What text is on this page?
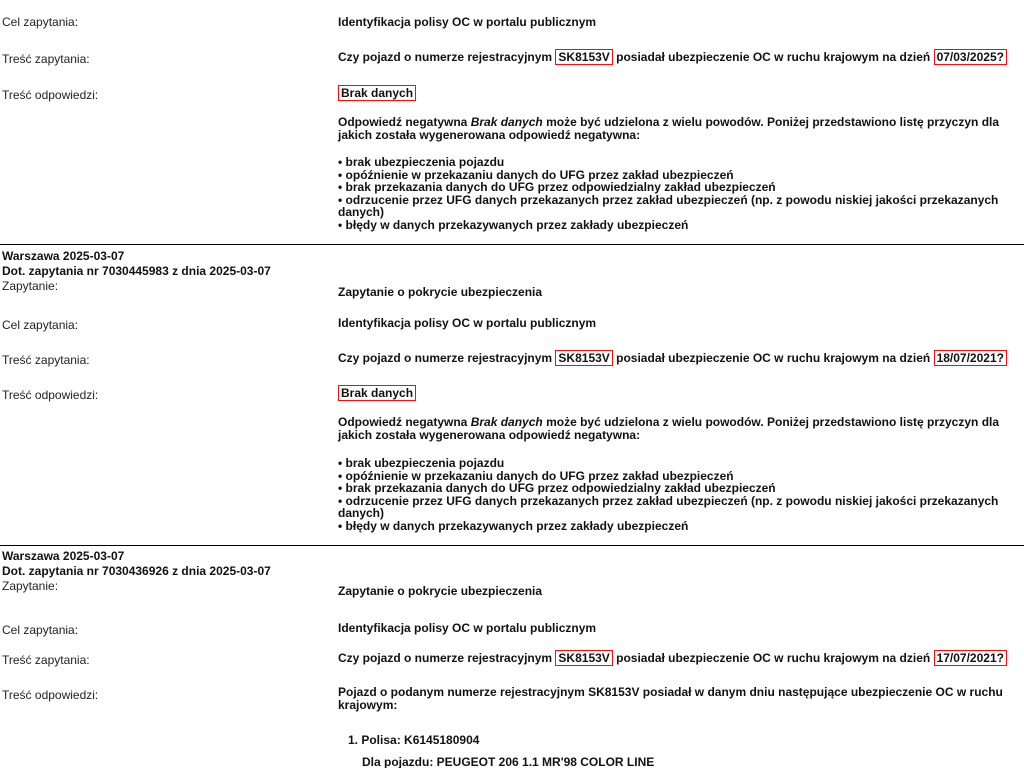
Cel zapytania:	Identyfikacja polisy OC w portalu publicznym
Treść zapytania:	Czy pojazd o numerze rejestracyjnym SK8153V posiadał ubezpieczenie OC w ruchu krajowym na dzień 07/03/2025?
Treść odpowiedzi:	Brak danych
Odpowiedź negatywna Brak danych może być udzielona z wielu powodów. Poniżej przedstawiono listę przyczyn dla
jakich została wygenerowana odpowiedź negatywna:
• brak ubezpieczenia pojazdu
• opóźnienie w przekazaniu danych do UFG przez zakład ubezpieczeń
• brak przekazania danych do UFG przez odpowiedzialny zakład ubezpieczeń
• odrzucenie przez UFG danych przekazanych przez zakład ubezpieczeń (np. z powodu niskiej jakości przekazanych
danych)
• błędy w danych przekazywanych przez zakłady ubezpieczeń
Warszawa 2025-03-07
Dot. zapytania nr 7030445983 z dnia 2025-03-07
Zapytanie:	Zapytanie o pokrycie ubezpieczenia
Cel zapytania:	Identyfikacja polisy OC w portalu publicznym
Treść zapytania:	Czy pojazd o numerze rejestracyjnym SK8153V posiadał ubezpieczenie OC w ruchu krajowym na dzień 18/07/2021?
Treść odpowiedzi:	Brak danych
Odpowiedź negatywna Brak danych może być udzielona z wielu powodów. Poniżej przedstawiono listę przyczyn dla
jakich została wygenerowana odpowiedź negatywna:
• brak ubezpieczenia pojazdu
• opóźnienie w przekazaniu danych do UFG przez zakład ubezpieczeń
• brak przekazania danych do UFG przez odpowiedzialny zakład ubezpieczeń
• odrzucenie przez UFG danych przekazanych przez zakład ubezpieczeń (np. z powodu niskiej jakości przekazanych
danych)
• błędy w danych przekazywanych przez zakłady ubezpieczeń
Warszawa 2025-03-07
Dot. zapytania nr 7030436926 z dnia 2025-03-07
Zapytanie:	Zapytanie o pokrycie ubezpieczenia
Cel zapytania:	Identyfikacja polisy OC w portalu publicznym
Treść zapytania:	Czy pojazd o numerze rejestracyjnym SK8153V posiadał ubezpieczenie OC w ruchu krajowym na dzień 17/07/2021?
Treść odpowiedzi:	Pojazd o podanym numerze rejestracyjnym SK8153V posiadał w danym dniu następujące ubezpieczenie OC w ruchu
krajowym:
1. Polisa: K6145180904
Dla pojazdu: PEUGEOT 206 1.1 MR'98 COLOR LINE
